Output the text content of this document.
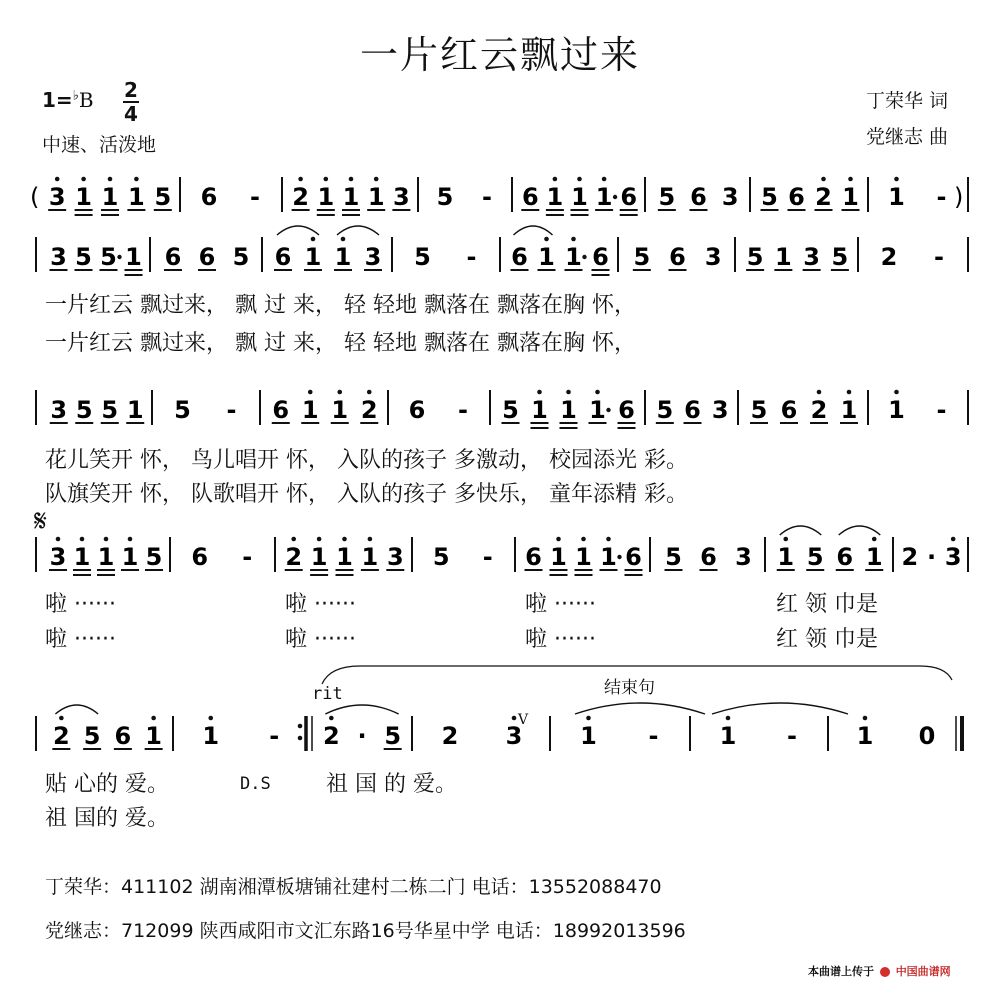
一片红云飘过来
1=♭B 2
4
中速、活泼地
丁荣华 词
党继志 曲
𝄋
rit	结束句
D.S
V
( 3 1 1 1 5 6 - 2 1 1 1 3 5 - 6 1 1 1 6 5 6 3 5 6 2 1 1 - )
3 5 5 1 6 6 5 6 1 1 3 5 - 6 1 1 6 5 6 3 5 1 3 5 2 -
3 5 5 1 5 - 6 1 1 2 6 - 5 1 1 1 6 5 6 3 5 6 2 1 1 -
3 1 1 1 5 6 - 2 1 1 1 3 5 - 6 1 1 1 6 5 6 3 1 5 6 1 2 · 3
2 5 6 1 1 - 2 · 5 2 3 1 -	1 - 1 0
一片红云 飘过来， 飘 过 来， 轻 轻地 飘落在 飘落在胸 怀，
一片红云 飘过来， 飘 过 来， 轻 轻地 飘落在 飘落在胸 怀，
花儿笑开 怀， 鸟儿唱开 怀， 入队的孩子 多激动， 校园添光 彩。
队旗笑开 怀， 队歌唱开 怀， 入队的孩子 多快乐， 童年添精 彩。
啦 ······	啦 ······	啦 ······	红 领 巾是
啦 ······	啦 ······	啦 ······	红 领 巾是
贴 心的 爱。	祖 国 的 爱。
祖 国的 爱。
丁荣华：411102 湖南湘潭板塘铺社建村二栋二门 电话：13552088470
党继志：712099 陕西咸阳市文汇东路16号华星中学 电话：18992013596
本曲谱上传于 中国曲谱网
